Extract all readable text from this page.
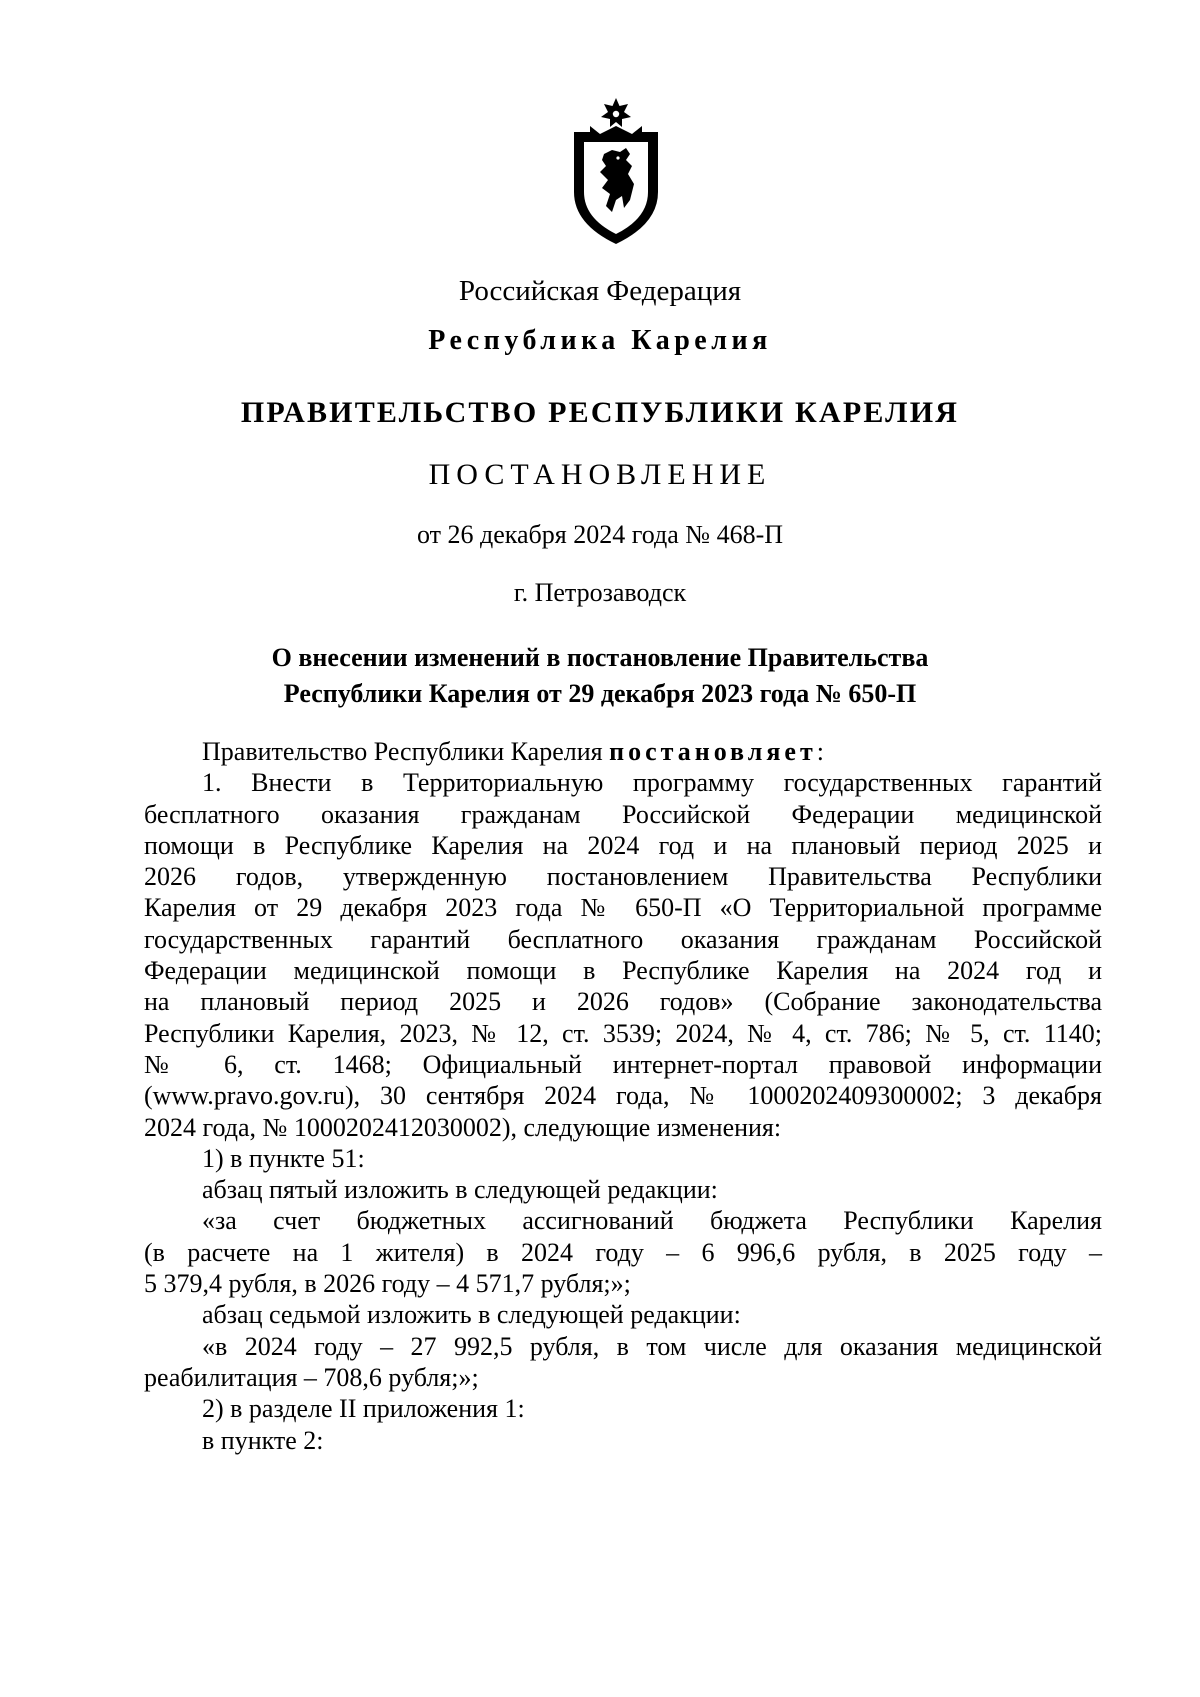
Российская Федерация
Республика Карелия
ПРАВИТЕЛЬСТВО РЕСПУБЛИКИ КАРЕЛИЯ
ПОСТАНОВЛЕНИЕ
от 26 декабря 2024 года № 468-П
г. Петрозаводск
О внесении изменений в постановление Правительства
Республики Карелия от 29 декабря 2023 года № 650-П

Правительство Республики Карелия постановляет:

1. Внести в Территориальную программу государственных гарантий

бесплатного оказания гражданам Российской Федерации медицинской

помощи в Республике Карелия на 2024 год и на плановый период 2025 и

2026 годов, утвержденную постановлением Правительства Республики

Карелия от 29 декабря 2023 года № 650-П «О Территориальной программе

государственных гарантий бесплатного оказания гражданам Российской

Федерации медицинской помощи в Республике Карелия на 2024 год и

на плановый период 2025 и 2026 годов» (Собрание законодательства

Республики Карелия, 2023, № 12, ст. 3539; 2024, № 4, ст. 786; № 5, ст. 1140;

№ 6, ст. 1468; Официальный интернет-портал правовой информации

(www.pravo.gov.ru), 30 сентября 2024 года, № 1000202409300002; 3 декабря

2024 года, № 1000202412030002), следующие изменения:

1) в пункте 51:

абзац пятый изложить в следующей редакции:

«за счет бюджетных ассигнований бюджета Республики Карелия

(в расчете на 1 жителя) в 2024 году – 6 996,6 рубля, в 2025 году –

5 379,4 рубля, в 2026 году – 4 571,7 рубля;»;

абзац седьмой изложить в следующей редакции:

«в 2024 году – 27 992,5 рубля, в том числе для оказания медицинской

реабилитация – 708,6 рубля;»;

2) в разделе II приложения 1:

в пункте 2:
